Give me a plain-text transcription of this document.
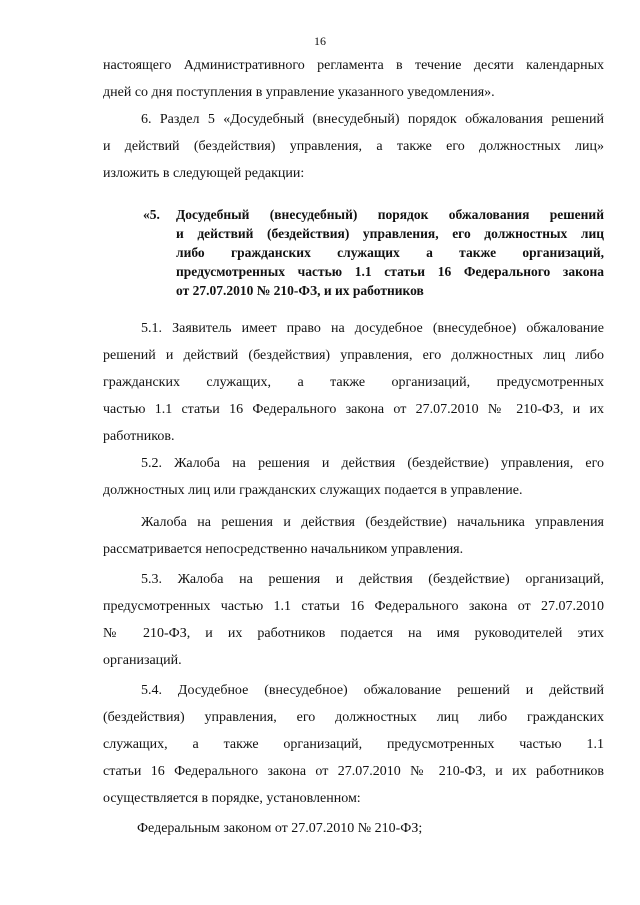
16
настоящего Административного регламента в течение десяти календарных
дней со дня поступления в управление указанного уведомления».
6. Раздел 5 «Досудебный (внесудебный) порядок обжалования решений
и действий (бездействия) управления, а также его должностных лиц»
изложить в следующей редакции:
«5.	Досудебный (внесудебный) порядок обжалования решений
и действий (бездействия) управления, его должностных лиц
либо гражданских служащих а также организаций,
предусмотренных частью 1.1 статьи 16 Федерального закона
от 27.07.2010 № 210-ФЗ, и их работников
5.1. Заявитель имеет право на досудебное (внесудебное) обжалование
решений и действий (бездействия) управления, его должностных лиц либо
гражданских служащих, а также организаций, предусмотренных
частью 1.1 статьи 16 Федерального закона от 27.07.2010 № 210-ФЗ, и их
работников.
5.2. Жалоба на решения и действия (бездействие) управления, его
должностных лиц или гражданских служащих подается в управление.
Жалоба на решения и действия (бездействие) начальника управления
рассматривается непосредственно начальником управления.
5.3. Жалоба на решения и действия (бездействие) организаций,
предусмотренных частью 1.1 статьи 16 Федерального закона от 27.07.2010
№ 210-ФЗ, и их работников подается на имя руководителей этих
организаций.
5.4. Досудебное (внесудебное) обжалование решений и действий
(бездействия) управления, его должностных лиц либо гражданских
служащих, а также организаций, предусмотренных частью 1.1
статьи 16 Федерального закона от 27.07.2010 № 210-ФЗ, и их работников
осуществляется в порядке, установленном:
Федеральным законом от 27.07.2010 № 210-ФЗ;
